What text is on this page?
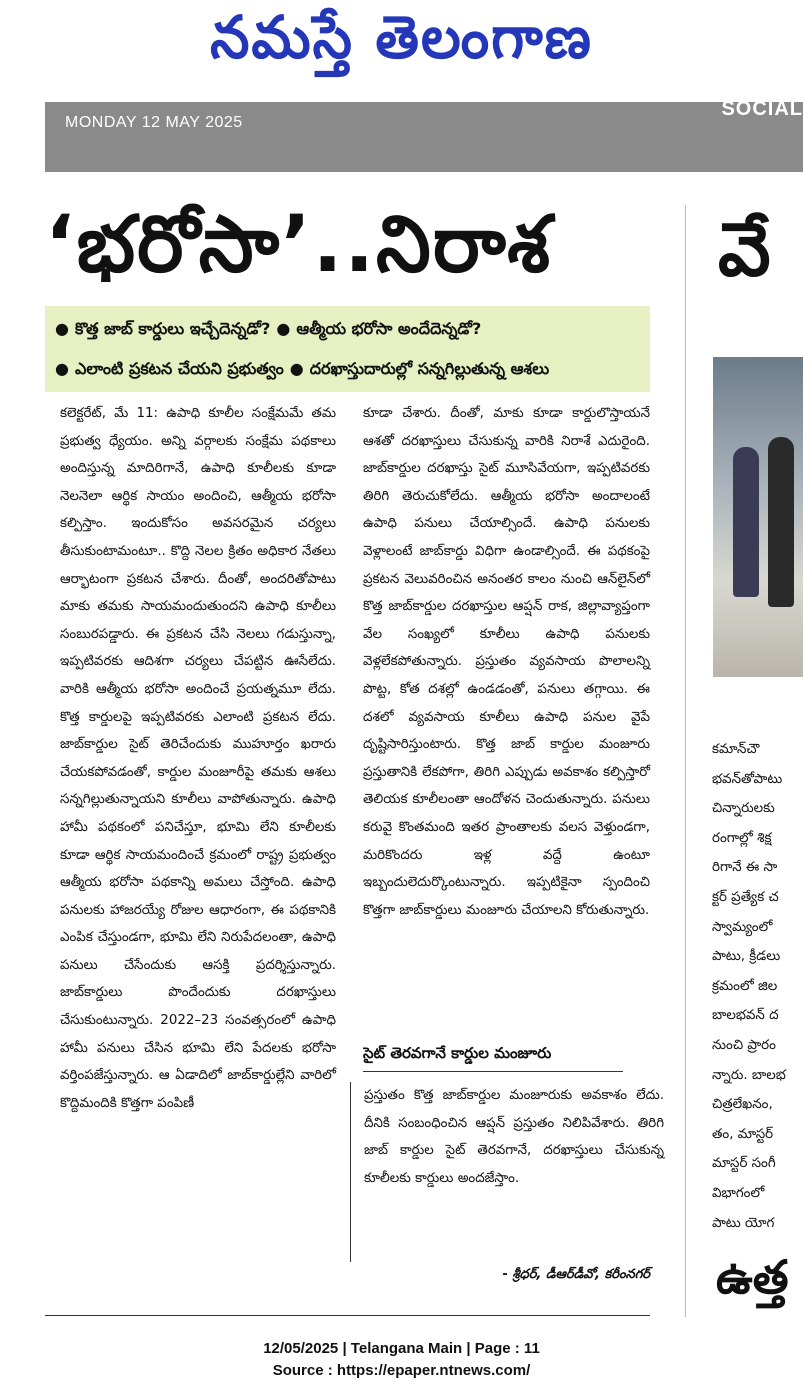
నమస్తే తెలంగాణ
MONDAY 12 MAY 2025
SOCIAL
‘భరోసా’..నిరాశ
● కొత్త జాబ్‌ కార్డులు ఇచ్చేదెన్నడో? ● ఆత్మీయ భరోసా అందేదెన్నడో?
● ఎలాంటి ప్రకటన చేయని ప్రభుత్వం ● దరఖాస్తుదారుల్లో సన్నగిల్లుతున్న ఆశలు

కలెక్టరేట్‌, మే 11: ఉపాధి కూలీల సంక్షేమమే తమ ప్రభుత్వ ధ్యేయం. అన్ని వర్గాలకు సంక్షేమ పథకాలు అందిస్తున్న మాదిరిగానే, ఉపాధి కూలీలకు కూడా నెలనెలా ఆర్థిక సాయం అందించి, ఆత్మీయ భరోసా కల్పిస్తాం. ఇందుకోసం అవసరమైన చర్యలు తీసుకుంటామంటూ.. కొద్ది నెలల క్రితం అధికార నేతలు ఆర్భాటంగా ప్రకటన చేశారు. దీంతో, అందరితోపాటు మాకు తమకు సాయమందుతుందని ఉపాధి కూలీలు సంబురపడ్డారు. ఈ ప్రకటన చేసి నెలలు గడుస్తున్నా, ఇప్పటివరకు ఆదిశగా చర్యలు చేపట్టిన ఊసేలేదు. వారికి ఆత్మీయ భరోసా అందించే ప్రయత్నమూ లేదు. కొత్త కార్డులపై ఇప్పటివరకు ఎలాంటి ప్రకటన లేదు. జాబ్‌కార్డుల సైట్‌ తెరిచేందుకు ముహూర్తం ఖరారు చేయకపోవడంతో, కార్డుల మంజూరీపై తమకు ఆశలు సన్నగిల్లుతున్నాయని కూలీలు వాపోతున్నారు. ఉపాధి హామీ పథకంలో పనిచేస్తూ, భూమి లేని కూలీలకు కూడా ఆర్థిక సాయమందించే క్రమంలో రాష్ట్ర ప్రభుత్వం ఆత్మీయ భరోసా పథకాన్ని అమలు చేస్తోంది. ఉపాధి పనులకు హాజరయ్యే రోజుల ఆధారంగా, ఈ పథకానికి ఎంపిక చేస్తుండగా, భూమి లేని నిరుపేదలంతా, ఉపాధి పనులు చేసేందుకు ఆసక్తి ప్రదర్శిస్తున్నారు. జాబ్‌కార్డులు పొందేందుకు దరఖాస్తులు చేసుకుంటున్నారు. 2022–23 సంవత్సరంలో ఉపాధి హామీ పనులు చేసిన భూమి లేని పేదలకు భరోసా వర్తింపజేస్తున్నారు. ఆ ఏడాదిలో జాబ్‌కార్డుల్లేని వారిలో కొద్దిమందికి కొత్తగా పంపిణీ

కూడా చేశారు. దీంతో, మాకు కూడా కార్డులొస్తాయనే ఆశతో దరఖాస్తులు చేసుకున్న వారికి నిరాశే ఎదురైంది. జాబ్‌కార్డుల దరఖాస్తు సైట్‌ మూసివేయగా, ఇప్పటివరకు తిరిగి తెరుచుకోలేదు. ఆత్మీయ భరోసా అందాలంటే ఉపాధి పనులు చేయాల్సిందే. ఉపాధి పనులకు వెళ్లాలంటే జాబ్‌కార్డు విధిగా ఉండాల్సిందే. ఈ పథకంపై ప్రకటన వెలువరించిన అనంతర కాలం నుంచి ఆన్‌లైన్‌లో కొత్త జాబ్‌కార్డుల దరఖాస్తుల ఆప్షన్‌ రాక, జిల్లావ్యాప్తంగా వేల సంఖ్యలో కూలీలు ఉపాధి పనులకు వెళ్లలేకపోతున్నారు. ప్రస్తుతం వ్యవసాయ పొలాలన్ని పొట్ట, కోత దశల్లో ఉండడంతో, పనులు తగ్గాయి. ఈ దశలో వ్యవసాయ కూలీలు ఉపాధి పనుల వైపే దృష్టిసారిస్తుంటారు. కొత్త జాబ్‌ కార్డుల మంజూరు ప్రస్తుతానికి లేకపోగా, తిరిగి ఎప్పుడు అవకాశం కల్పిస్తారో తెలియక కూలీలంతా ఆందోళన చెందుతున్నారు. పనులు కరువై కొంతమంది ఇతర ప్రాంతాలకు వలస వెళ్తుండగా, మరికొందరు ఇళ్ల వద్దే ఉంటూ ఇబ్బందులెదుర్కొంటున్నారు. ఇప్పటికైనా స్పందించి కొత్తగా జాబ్‌కార్డులు మంజూరు చేయాలని కోరుతున్నారు.

సైట్‌ తెరవగానే కార్డుల మంజూరు

ప్రస్తుతం కొత్త జాబ్‌కార్డుల మంజూరుకు అవకాశం లేదు. దీనికి సంబంధించిన ఆప్షన్‌ ప్రస్తుతం నిలిపివేశారు. తిరిగి జాబ్‌ కార్డుల సైట్‌ తెరవగానే, దరఖాస్తులు చేసుకున్న కూలీలకు కార్డులు అందజేస్తాం.

- శ్రీధర్‌, డీఆర్‌డీవో, కరీంనగర్‌
వే
కమాన్‌చౌ
భవన్‌తోపాటు
చిన్నారులకు
రంగాల్లో శిక్ష
రిగానే ఈ సా
క్టర్‌ ప్రత్యేక చ
స్వామ్యంలో
పాటు, క్రీడలు
క్రమంలో జిల
బాలభవన్‌ ద
నుంచి ప్రారం
న్నారు. బాలభ
చిత్రలేఖనం,
తం, మాస్టర్‌
మాస్టర్‌ సంగీ
విభాగంలో
పాటు యోగ
ఉత్త
12/05/2025 | Telangana Main | Page : 11
Source : https://epaper.ntnews.com/
